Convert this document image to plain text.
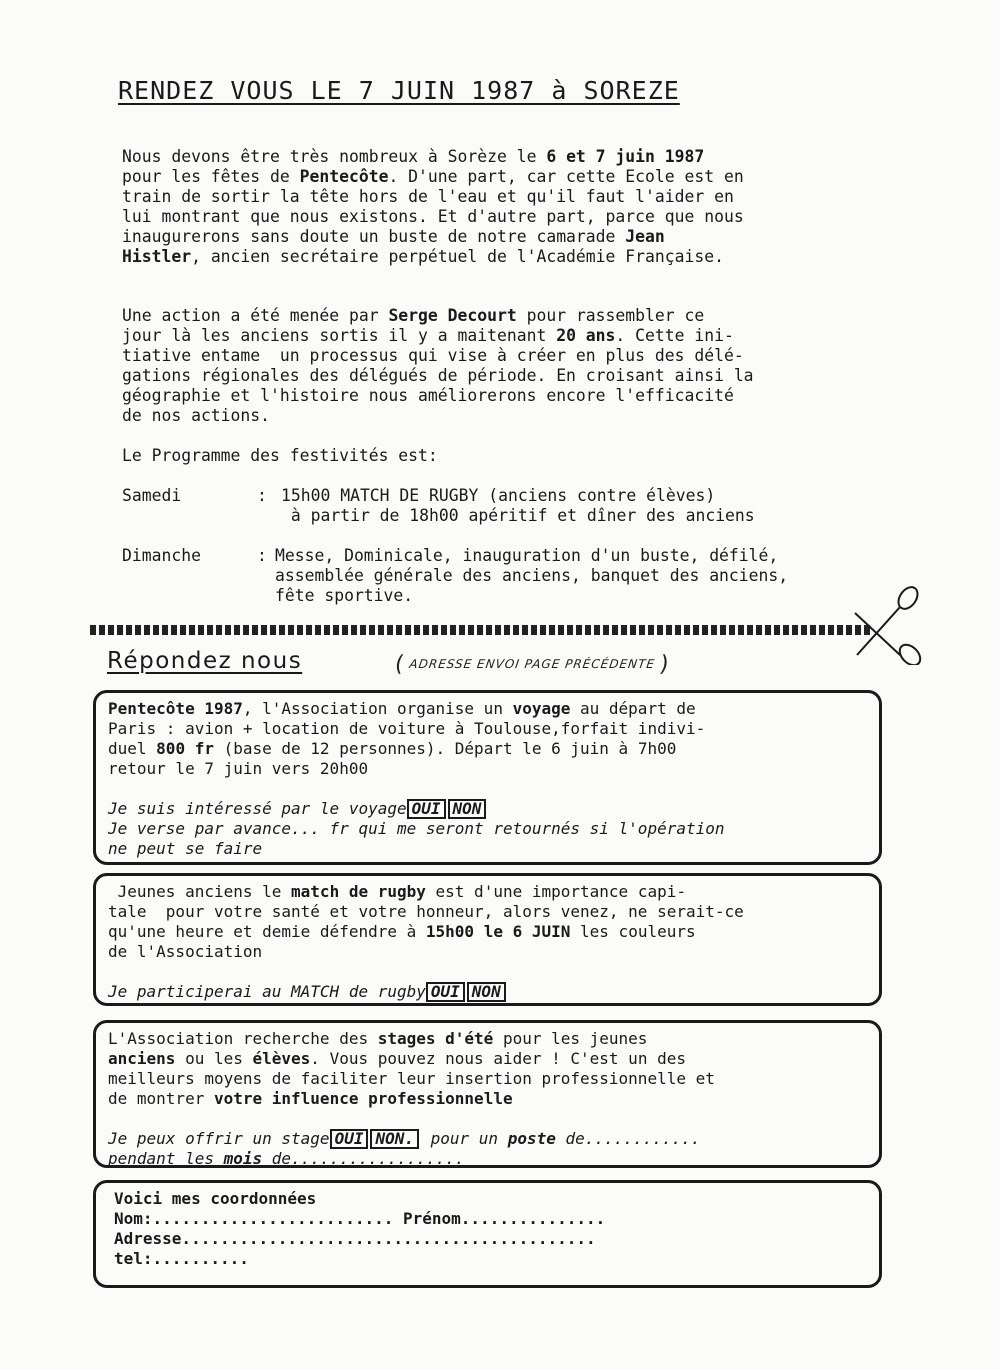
RENDEZ VOUS LE 7 JUIN 1987 à SOREZE
Nous devons être très nombreux à Sorèze le 6 et 7 juin 1987
pour les fêtes de Pentecôte. D'une part, car cette Ecole est en
train de sortir la tête hors de l'eau et qu'il faut l'aider en
lui montrant que nous existons. Et d'autre part, parce que nous
inaugurerons sans doute un buste de notre camarade Jean
Histler, ancien secrétaire perpétuel de l'Académie Française.
Une action a été menée par Serge Decourt pour rassembler ce
jour là les anciens sortis il y a maitenant 20 ans. Cette ini-
tiative entame  un processus qui vise à créer en plus des délé-
gations régionales des délégués de période. En croisant ainsi la
géographie et l'histoire nous améliorerons encore l'efficacité
de nos actions.
Le Programme des festivités est:
Samedi	: 15h00 MATCH DE RUGBY (anciens contre élèves)
à partir de 18h00 apéritif et dîner des anciens
Dimanche	: Messe, Dominicale, inauguration d'un buste, défilé,
assemblée générale des anciens, banquet des anciens,
fête sportive.
Répondez nous	( ADRESSE ENVOI PAGE PRÉCÉDENTE )
Pentecôte 1987, l'Association organise un voyage au départ de
Paris : avion + location de voiture à Toulouse,forfait indivi-
duel 800 fr (base de 12 personnes). Départ le 6 juin à 7h00
retour le 7 juin vers 20h00
Je suis intéressé par le voyage OUI NON
Je verse par avance... fr qui me seront retournés si l'opération
ne peut se faire
Jeunes anciens le match de rugby est d'une importance capi-
tale  pour votre santé et votre honneur, alors venez, ne serait-ce
qu'une heure et demie défendre à 15h00 le 6 JUIN les couleurs
de l'Association
Je participerai au MATCH de rugby OUI NON
L'Association recherche des stages d'été pour les jeunes
anciens ou les élèves. Vous pouvez nous aider ! C'est un des
meilleurs moyens de faciliter leur insertion professionnelle et
de montrer votre influence professionnelle
Je peux offrir un stage OUI NON. pour un poste de............
pendant les mois de..................
Voici mes coordonnées
Nom:......................... Prénom...............
Adresse...........................................
tel:..........
